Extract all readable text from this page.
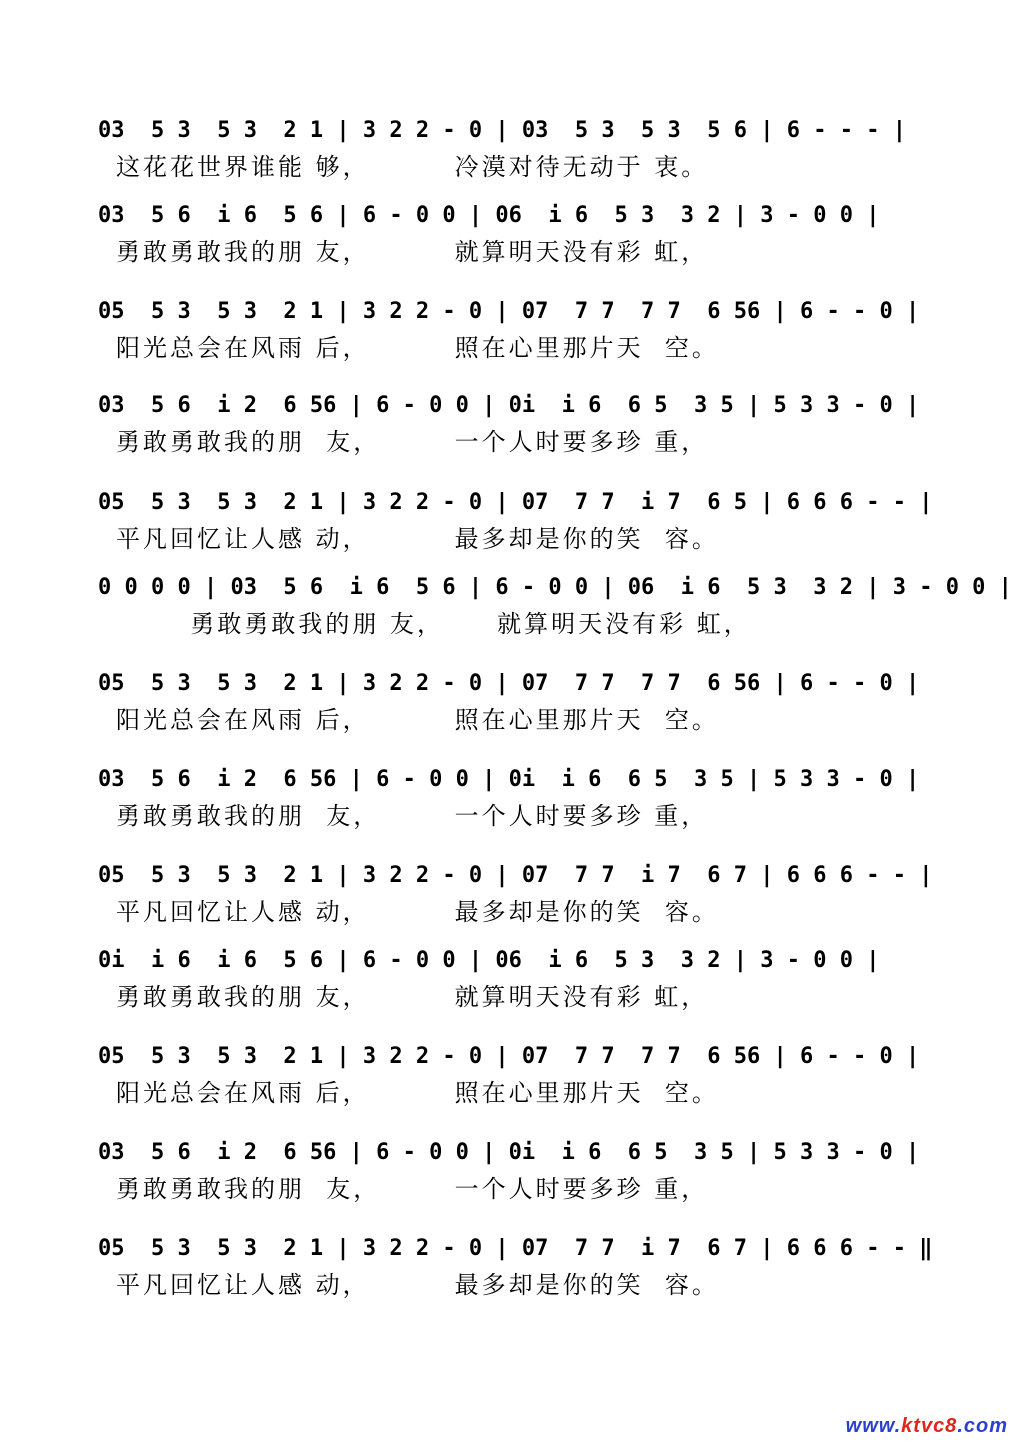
03  5 3  5 3  2 1 | 3 2 2 - 0 | 03  5 3  5 3  5 6 | 6 - - - |
这花花世界谁能 够，        冷漠对待无动于 衷。
03  5 6  i 6  5 6 | 6 - 0 0 | 06  i 6  5 3  3 2 | 3 - 0 0 |
勇敢勇敢我的朋 友，        就算明天没有彩 虹，
05  5 3  5 3  2 1 | 3 2 2 - 0 | 07  7 7  7 7  6 56 | 6 - - 0 |
阳光总会在风雨 后，        照在心里那片天  空。
03  5 6  i 2  6 56 | 6 - 0 0 | 0i  i 6  6 5  3 5 | 5 3 3 - 0 |
勇敢勇敢我的朋  友，       一个人时要多珍 重，
05  5 3  5 3  2 1 | 3 2 2 - 0 | 07  7 7  i 7  6 5 | 6 6 6 - - |
平凡回忆让人感 动，        最多却是你的笑  容。
0 0 0 0 | 03  5 6  i 6  5 6 | 6 - 0 0 | 06  i 6  5 3  3 2 | 3 - 0 0 |
勇敢勇敢我的朋 友，     就算明天没有彩 虹，
05  5 3  5 3  2 1 | 3 2 2 - 0 | 07  7 7  7 7  6 56 | 6 - - 0 |
阳光总会在风雨 后，        照在心里那片天  空。
03  5 6  i 2  6 56 | 6 - 0 0 | 0i  i 6  6 5  3 5 | 5 3 3 - 0 |
勇敢勇敢我的朋  友，       一个人时要多珍 重，
05  5 3  5 3  2 1 | 3 2 2 - 0 | 07  7 7  i 7  6 7 | 6 6 6 - - |
平凡回忆让人感 动，        最多却是你的笑  容。
0i  i 6  i 6  5 6 | 6 - 0 0 | 06  i 6  5 3  3 2 | 3 - 0 0 |
勇敢勇敢我的朋 友，        就算明天没有彩 虹，
05  5 3  5 3  2 1 | 3 2 2 - 0 | 07  7 7  7 7  6 56 | 6 - - 0 |
阳光总会在风雨 后，        照在心里那片天  空。
03  5 6  i 2  6 56 | 6 - 0 0 | 0i  i 6  6 5  3 5 | 5 3 3 - 0 |
勇敢勇敢我的朋  友，       一个人时要多珍 重，
05  5 3  5 3  2 1 | 3 2 2 - 0 | 07  7 7  i 7  6 7 | 6 6 6 - - ‖
平凡回忆让人感 动，        最多却是你的笑  容。
www.ktvc8.com
